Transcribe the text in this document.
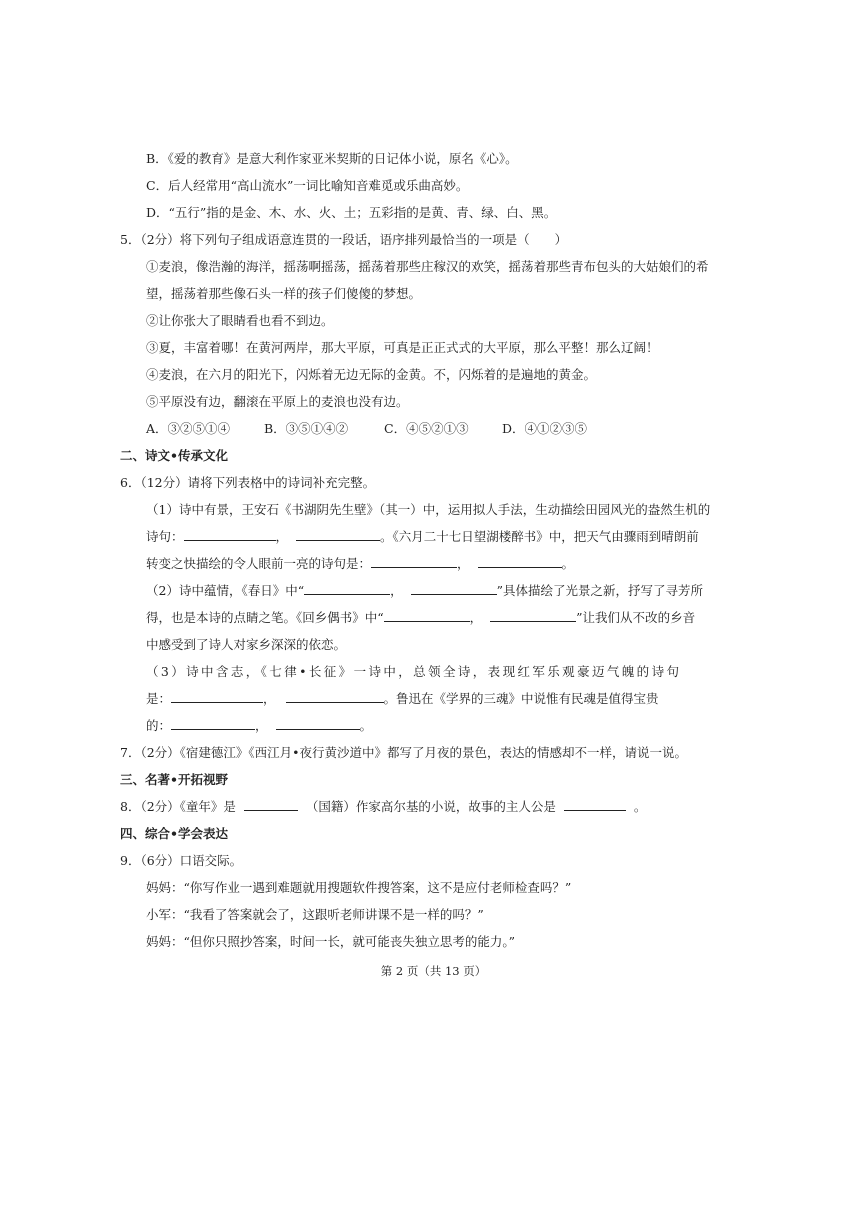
B．《爱的教育》是意大利作家亚米契斯的日记体小说，原名《心》。
C．后人经常用“高山流水”一词比喻知音难觅或乐曲高妙。
D．“五行”指的是金、木、水、火、土；五彩指的是黄、青、绿、白、黑。
5．（2分）将下列句子组成语意连贯的一段话，语序排列最恰当的一项是（　　）
①麦浪，像浩瀚的海洋，摇荡啊摇荡，摇荡着那些庄稼汉的欢笑，摇荡着那些青布包头的大姑娘们的希
望，摇荡着那些像石头一样的孩子们傻傻的梦想。
②让你张大了眼睛看也看不到边。
③夏，丰富着哪！在黄河两岸，那大平原，可真是正正式式的大平原，那么平整！那么辽阔！
④麦浪，在六月的阳光下，闪烁着无边无际的金黄。不，闪烁着的是遍地的黄金。
⑤平原没有边，翻滚在平原上的麦浪也没有边。
A．③②⑤①④	B．③⑤①④②	C．④⑤②①③	D．④①②③⑤
二、诗文•传承文化
6．（12分）请将下列表格中的诗词补充完整。
（1）诗中有景，王安石《书湖阴先生壁》（其一）中，运用拟人手法，生动描绘田园风光的盎然生机的
诗句：	，	。《六月二十七日望湖楼醉书》中，把天气由骤雨到晴朗前
转变之快描绘的令人眼前一亮的诗句是：	，	。
（2）诗中蕴情，《春日》中“	，	”具体描绘了光景之新，抒写了寻芳所
得，也是本诗的点睛之笔。《回乡偶书》中“	，	”让我们从不改的乡音
中感受到了诗人对家乡深深的依恋。
（3）诗中含志，《七律•长征》一诗中，总领全诗，表现红军乐观豪迈气魄的诗句
是：	，	。鲁迅在《学界的三魂》中说惟有民魂是值得宝贵
的：	，	。
7．（2分）《宿建德江》《西江月•夜行黄沙道中》都写了月夜的景色，表达的情感却不一样，请说一说。
三、名著•开拓视野
8．（2分）《童年》是	（国籍）作家高尔基的小说，故事的主人公是	。
四、综合•学会表达
9．（6分）口语交际。
妈妈：“你写作业一遇到难题就用搜题软件搜答案，这不是应付老师检查吗？”
小军：“我看了答案就会了，这跟听老师讲课不是一样的吗？”
妈妈：“但你只照抄答案，时间一长，就可能丧失独立思考的能力。”
第 2 页（共 13 页）
